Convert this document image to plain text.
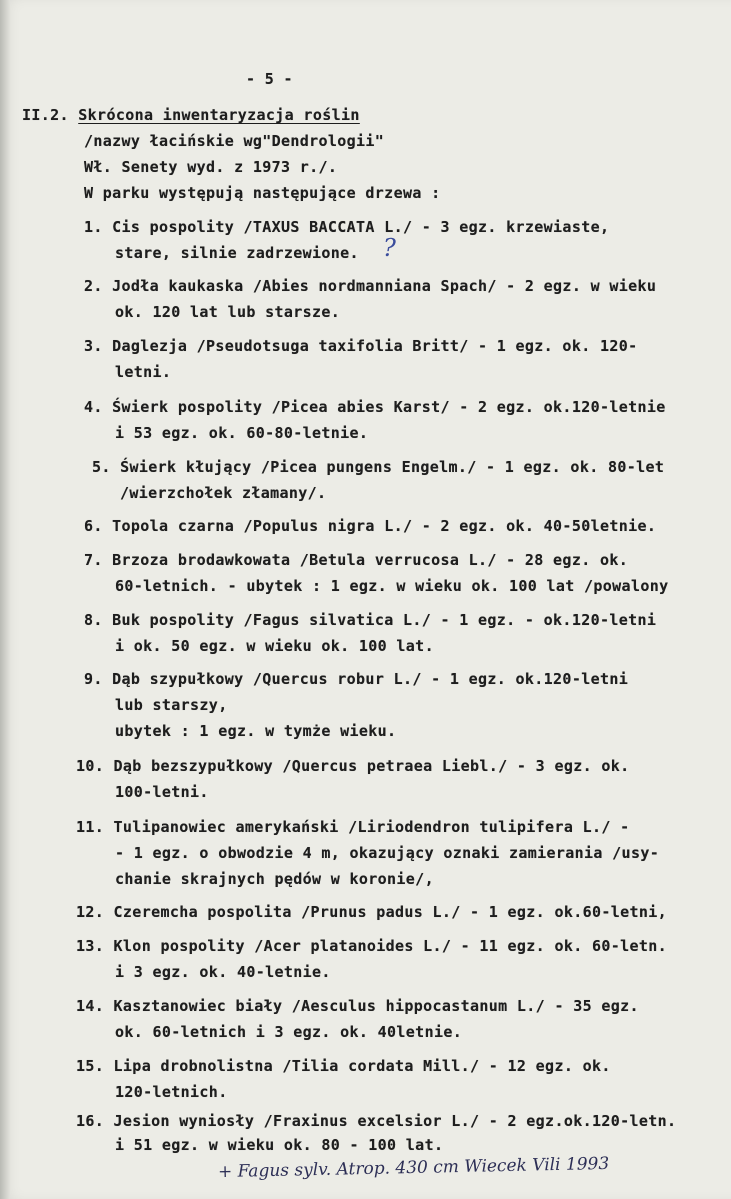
- 5 -
II.2. Skrócona inwentaryzacja roślin
/nazwy łacińskie wg"Dendrologii"
Wł. Senety wyd. z 1973 r./.
W parku występują następujące drzewa :
1. Cis pospolity /TAXUS BACCATA L./ - 3 egz. krzewiaste,
stare, silnie zadrzewione. ?
2. Jodła kaukaska /Abies nordmanniana Spach/ - 2 egz. w wieku
ok. 120 lat lub starsze.
3. Daglezja /Pseudotsuga taxifolia Britt/ - 1 egz. ok. 120-
letni.
4. Świerk pospolity /Picea abies Karst/ - 2 egz. ok.120-letnie
i 53 egz. ok. 60-80-letnie.
5. Świerk kłujący /Picea pungens Engelm./ - 1 egz. ok. 80-let
/wierzchołek złamany/.
6. Topola czarna /Populus nigra L./ - 2 egz. ok. 40-50letnie.
7. Brzoza brodawkowata /Betula verrucosa L./ - 28 egz. ok.
60-letnich. - ubytek : 1 egz. w wieku ok. 100 lat /powalony
8. Buk pospolity /Fagus silvatica L./ - 1 egz. - ok.120-letni
i ok. 50 egz. w wieku ok. 100 lat.
9. Dąb szypułkowy /Quercus robur L./ - 1 egz. ok.120-letni
lub starszy,
ubytek : 1 egz. w tymże wieku.
10. Dąb bezszypułkowy /Quercus petraea Liebl./ - 3 egz. ok.
100-letni.
11. Tulipanowiec amerykański /Liriodendron tulipifera L./ -
- 1 egz. o obwodzie 4 m, okazujący oznaki zamierania /usy-
chanie skrajnych pędów w koronie/,
12. Czeremcha pospolita /Prunus padus L./ - 1 egz. ok.60-letni,
13. Klon pospolity /Acer platanoides L./ - 11 egz. ok. 60-letn.
i 3 egz. ok. 40-letnie.
14. Kasztanowiec biały /Aesculus hippocastanum L./ - 35 egz.
ok. 60-letnich i 3 egz. ok. 40letnie.
15. Lipa drobnolistna /Tilia cordata Mill./ - 12 egz. ok.
120-letnich.
16. Jesion wyniosły /Fraxinus excelsior L./ - 2 egz.ok.120-letn.
i 51 egz. w wieku ok. 80 - 100 lat.
+ Fagus sylv. Atrop. 430 cm Wiecek Vili 1993
